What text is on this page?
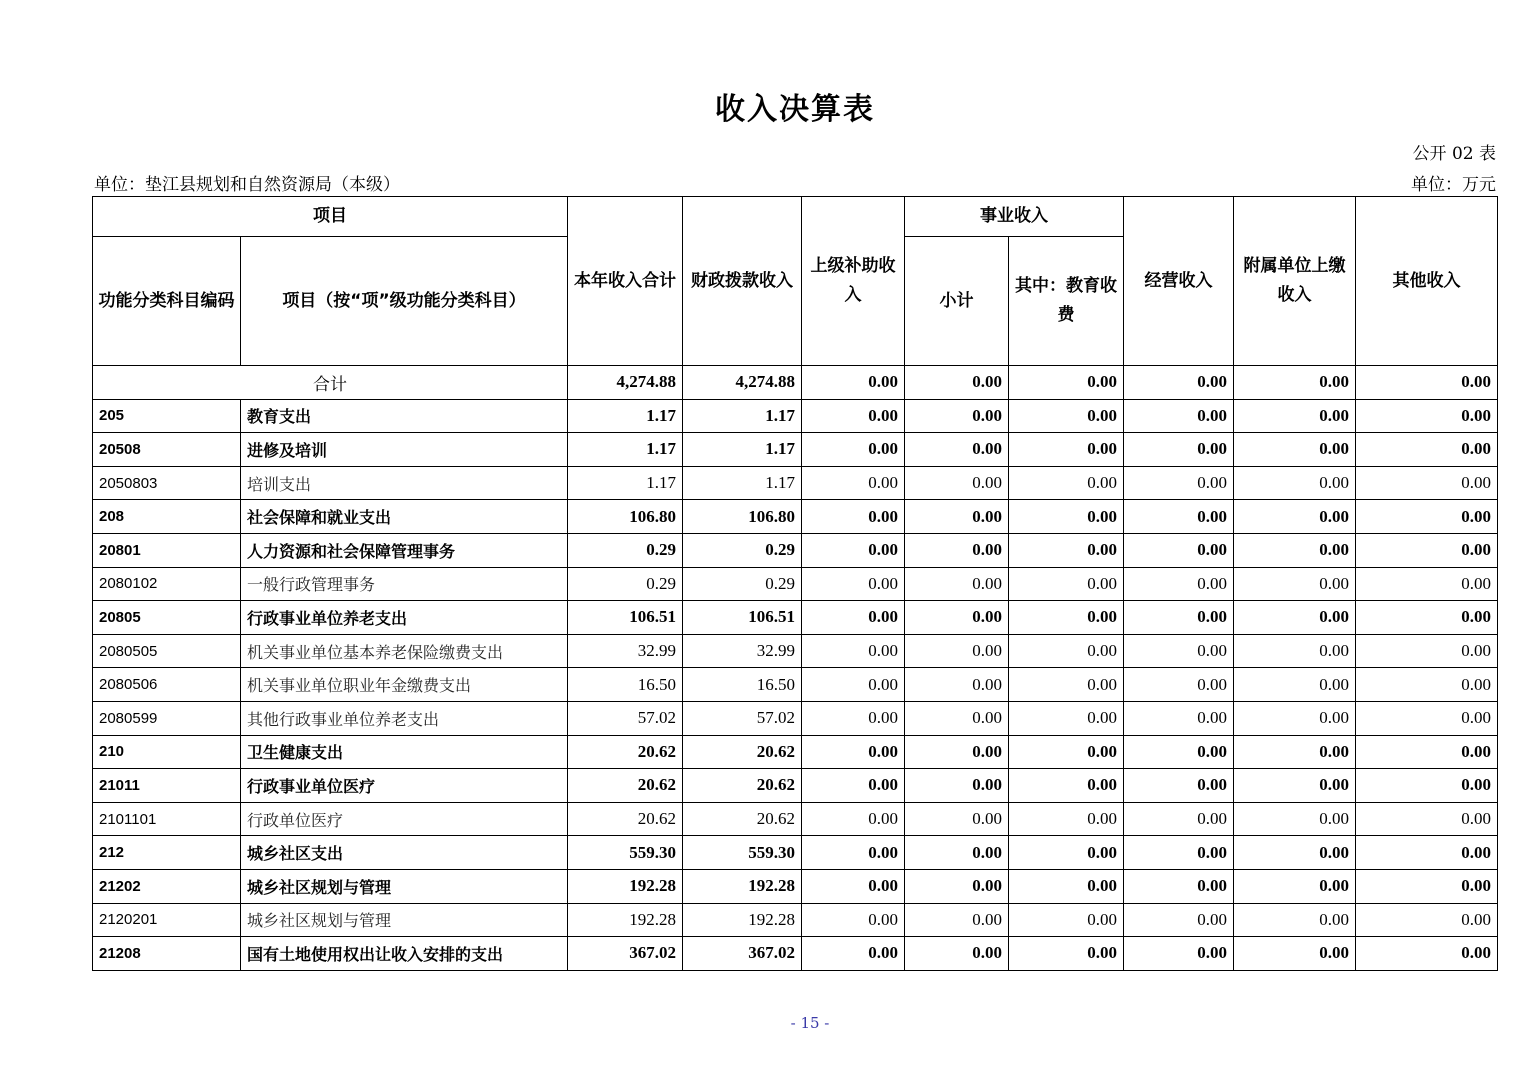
收入决算表
公开 02 表
单位：垫江县规划和自然资源局（本级）	单位：万元
项目		本年收入合计	财政拨款收入	上级补助收入	事业收入		经营收入	附属单位上缴收入	其他收入
功能分类科目编码	项目（按“项”级功能分类科目）				小计	其中：教育收费			
合计		4,274.88	4,274.88	0.00	0.00	0.00	0.00	0.00	0.00
205	教育支出	1.17	1.17	0.00	0.00	0.00	0.00	0.00	0.00
20508	进修及培训	1.17	1.17	0.00	0.00	0.00	0.00	0.00	0.00
2050803	培训支出	1.17	1.17	0.00	0.00	0.00	0.00	0.00	0.00
208	社会保障和就业支出	106.80	106.80	0.00	0.00	0.00	0.00	0.00	0.00
20801	人力资源和社会保障管理事务	0.29	0.29	0.00	0.00	0.00	0.00	0.00	0.00
2080102	一般行政管理事务	0.29	0.29	0.00	0.00	0.00	0.00	0.00	0.00
20805	行政事业单位养老支出	106.51	106.51	0.00	0.00	0.00	0.00	0.00	0.00
2080505	机关事业单位基本养老保险缴费支出	32.99	32.99	0.00	0.00	0.00	0.00	0.00	0.00
2080506	机关事业单位职业年金缴费支出	16.50	16.50	0.00	0.00	0.00	0.00	0.00	0.00
2080599	其他行政事业单位养老支出	57.02	57.02	0.00	0.00	0.00	0.00	0.00	0.00
210	卫生健康支出	20.62	20.62	0.00	0.00	0.00	0.00	0.00	0.00
21011	行政事业单位医疗	20.62	20.62	0.00	0.00	0.00	0.00	0.00	0.00
2101101	行政单位医疗	20.62	20.62	0.00	0.00	0.00	0.00	0.00	0.00
212	城乡社区支出	559.30	559.30	0.00	0.00	0.00	0.00	0.00	0.00
21202	城乡社区规划与管理	192.28	192.28	0.00	0.00	0.00	0.00	0.00	0.00
2120201	城乡社区规划与管理	192.28	192.28	0.00	0.00	0.00	0.00	0.00	0.00
21208	国有土地使用权出让收入安排的支出	367.02	367.02	0.00	0.00	0.00	0.00	0.00	0.00
- 15 -
